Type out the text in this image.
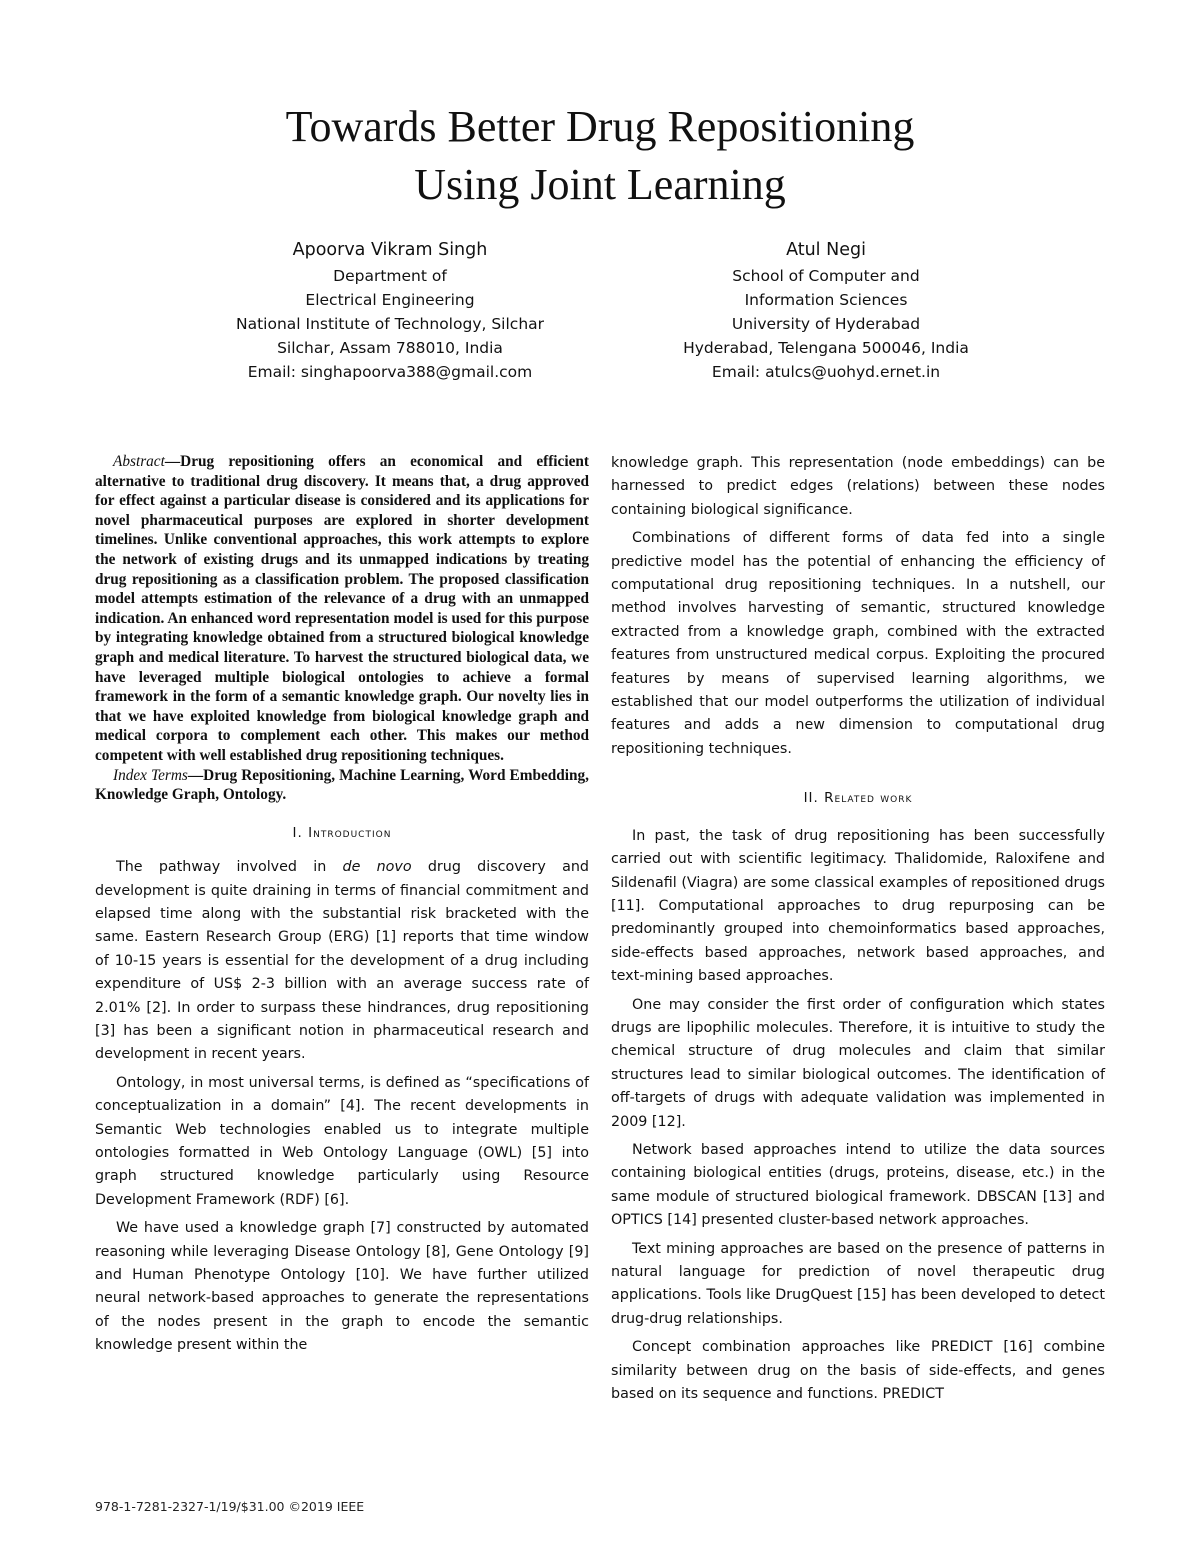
Towards Better Drug Repositioning
Using Joint Learning
Apoorva Vikram Singh
Department of
Electrical Engineering
National Institute of Technology, Silchar
Silchar, Assam 788010, India
Email: singhapoorva388@gmail.com
Atul Negi
School of Computer and
Information Sciences
University of Hyderabad
Hyderabad, Telengana 500046, India
Email: atulcs@uohyd.ernet.in

Abstract—Drug repositioning offers an economical and efficient alternative to traditional drug discovery. It means that, a drug approved for effect against a particular disease is considered and its applications for novel pharmaceutical purposes are explored in shorter development timelines. Unlike conventional approaches, this work attempts to explore the network of existing drugs and its unmapped indications by treating drug repositioning as a classification problem. The proposed classification model attempts estimation of the relevance of a drug with an unmapped indication. An enhanced word representation model is used for this purpose by integrating knowledge obtained from a structured biological knowledge graph and medical literature. To harvest the structured biological data, we have leveraged multiple biological ontologies to achieve a formal framework in the form of a semantic knowledge graph. Our novelty lies in that we have exploited knowledge from biological knowledge graph and medical corpora to complement each other. This makes our method competent with well established drug repositioning techniques.

Index Terms—Drug Repositioning, Machine Learning, Word Embedding, Knowledge Graph, Ontology.

I. Introduction

The pathway involved in de novo drug discovery and development is quite draining in terms of financial commitment and elapsed time along with the substantial risk bracketed with the same. Eastern Research Group (ERG) [1] reports that time window of 10-15 years is essential for the development of a drug including expenditure of US$ 2-3 billion with an average success rate of 2.01% [2]. In order to surpass these hindrances, drug repositioning [3] has been a significant notion in pharmaceutical research and development in recent years.

Ontology, in most universal terms, is defined as “specifications of conceptualization in a domain” [4]. The recent developments in Semantic Web technologies enabled us to integrate multiple ontologies formatted in Web Ontology Language (OWL) [5] into graph structured knowledge particularly using Resource Development Framework (RDF) [6].

We have used a knowledge graph [7] constructed by automated reasoning while leveraging Disease Ontology [8], Gene Ontology [9] and Human Phenotype Ontology [10]. We have further utilized neural network-based approaches to generate the representations of the nodes present in the graph to encode the semantic knowledge present within the

knowledge graph. This representation (node embeddings) can be harnessed to predict edges (relations) between these nodes containing biological significance.

Combinations of different forms of data fed into a single predictive model has the potential of enhancing the efficiency of computational drug repositioning techniques. In a nutshell, our method involves harvesting of semantic, structured knowledge extracted from a knowledge graph, combined with the extracted features from unstructured medical corpus. Exploiting the procured features by means of supervised learning algorithms, we established that our model outperforms the utilization of individual features and adds a new dimension to computational drug repositioning techniques.

II. Related work

In past, the task of drug repositioning has been successfully carried out with scientific legitimacy. Thalidomide, Raloxifene and Sildenafil (Viagra) are some classical examples of repositioned drugs [11]. Computational approaches to drug repurposing can be predominantly grouped into chemoinformatics based approaches, side-effects based approaches, network based approaches, and text-mining based approaches.

One may consider the first order of configuration which states drugs are lipophilic molecules. Therefore, it is intuitive to study the chemical structure of drug molecules and claim that similar structures lead to similar biological outcomes. The identification of off-targets of drugs with adequate validation was implemented in 2009 [12].

Network based approaches intend to utilize the data sources containing biological entities (drugs, proteins, disease, etc.) in the same module of structured biological framework. DBSCAN [13] and OPTICS [14] presented cluster-based network approaches.

Text mining approaches are based on the presence of patterns in natural language for prediction of novel therapeutic drug applications. Tools like DrugQuest [15] has been developed to detect drug-drug relationships.

Concept combination approaches like PREDICT [16] combine similarity between drug on the basis of side-effects, and genes based on its sequence and functions. PREDICT

978-1-7281-2327-1/19/$31.00 ©2019 IEEE
